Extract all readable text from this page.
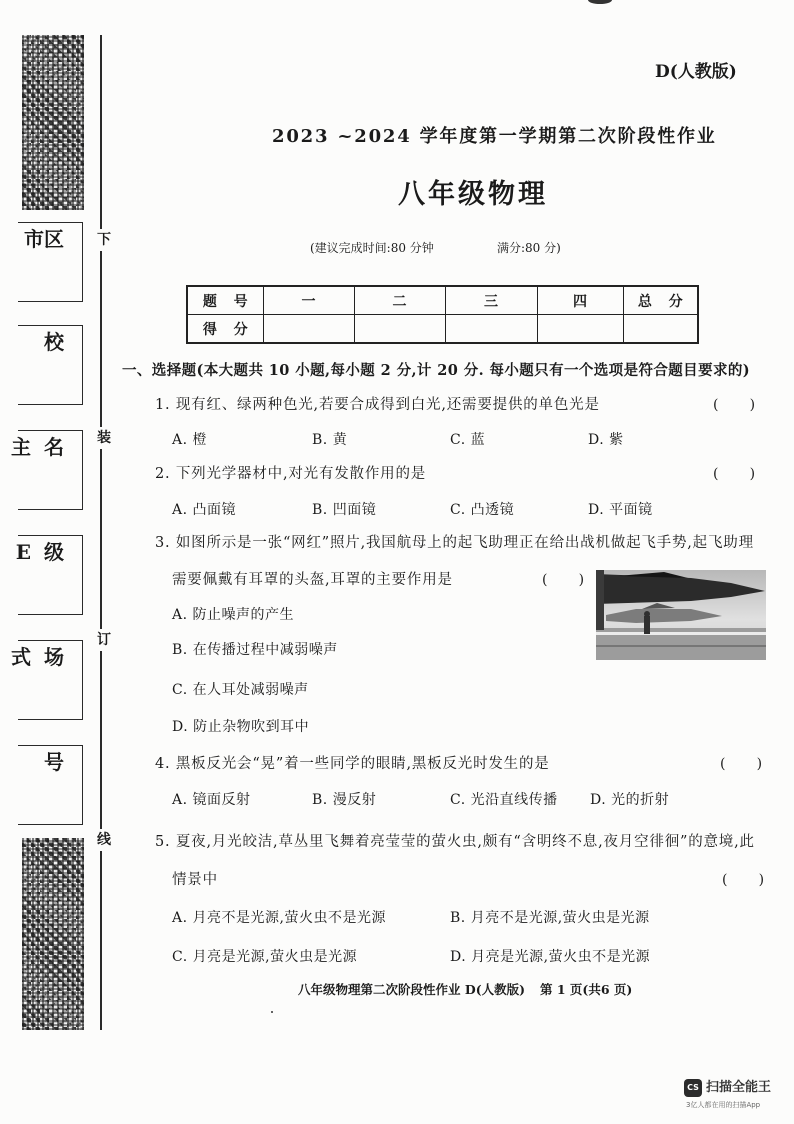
下
装
订
线
市区
校
主 名
E 级
式 场
号
D(人教版)
2023 ~2024 学年度第一学期第二次阶段性作业
八年级物理
(建议完成时间:80 分钟	满分:80 分)
题 号	一	二	三	四	总 分
得 分					
一、选择题(本大题共 10 小题,每小题 2 分,计 20 分. 每小题只有一个选项是符合题目要求的)
1. 现有红、绿两种色光,若要合成得到白光,还需要提供的单色光是	(       )
A. 橙	B. 黄	C. 蓝	D. 紫
2. 下列光学器材中,对光有发散作用的是	(       )
A. 凸面镜	B. 凹面镜	C. 凸透镜	D. 平面镜
3. 如图所示是一张“网红”照片,我国航母上的起飞助理正在给出战机做起飞手势,起飞助理
需要佩戴有耳罩的头盔,耳罩的主要作用是	(       )
A. 防止噪声的产生
B. 在传播过程中减弱噪声
C. 在人耳处减弱噪声
D. 防止杂物吹到耳中
4. 黑板反光会“晃”着一些同学的眼睛,黑板反光时发生的是	(       )
A. 镜面反射	B. 漫反射	C. 光沿直线传播 D. 光的折射
5. 夏夜,月光皎洁,草丛里飞舞着亮莹莹的萤火虫,颇有“含明终不息,夜月空徘徊”的意境,此
情景中	(       )
A. 月亮不是光源,萤火虫不是光源	B. 月亮不是光源,萤火虫是光源
C. 月亮是光源,萤火虫是光源	D. 月亮是光源,萤火虫不是光源
八年级物理第二次阶段性作业 D(人教版) 第 1 页(共6 页)
CS 扫描全能王
3亿人都在用的扫描App
